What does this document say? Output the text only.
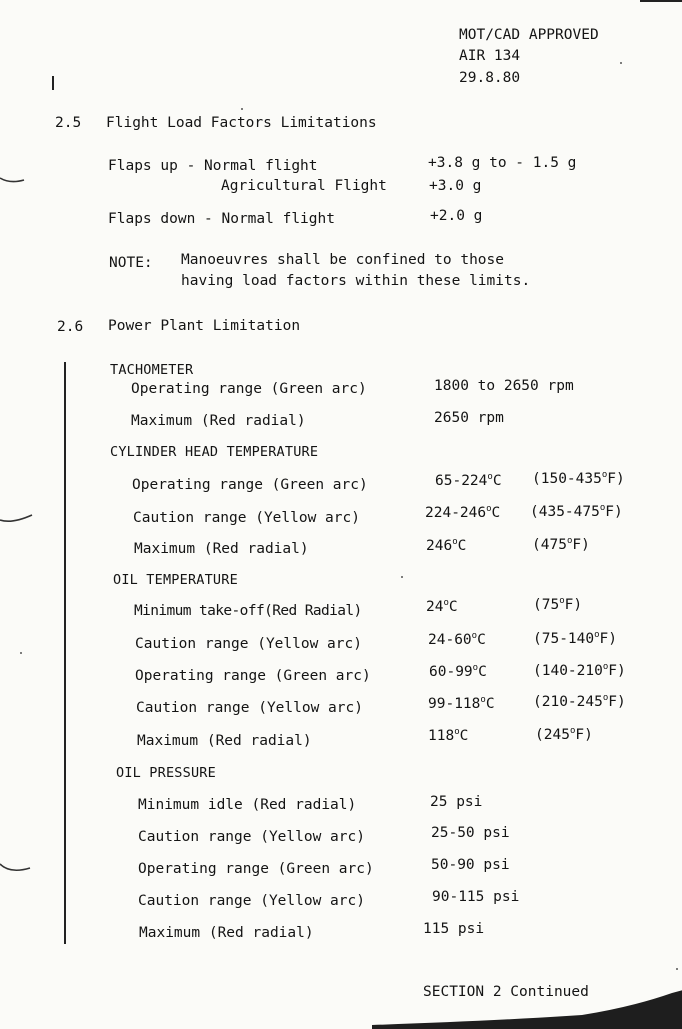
MOT/CAD APPROVED
AIR 134
29.8.80
2.5 Flight Load Factors Limitations
Flaps up - Normal flight	+3.8 g to - 1.5 g
Agricultural Flight	+3.0 g
Flaps down - Normal flight	+2.0 g
NOTE: Manoeuvres shall be confined to those
having load factors within these limits.
2.6 Power Plant Limitation
TACHOMETER
Operating range (Green arc)	1800 to 2650 rpm
Maximum (Red radial)	2650 rpm
CYLINDER HEAD TEMPERATURE
Operating range (Green arc)	65-224$^o$C (150-435$^o$F)
Caution range (Yellow arc)	224-246$^o$C (435-475$^o$F)
Maximum (Red radial)	246$^o$C	(475$^o$F)
OIL TEMPERATURE
Minimum take-off(Red Radial)	24$^o$C	(75$^o$F)
Caution range (Yellow arc)	24-60$^o$C	(75-140$^o$F)
Operating range (Green arc)	60-99$^o$C	(140-210$^o$F)
Caution range (Yellow arc)	99-118$^o$C	(210-245$^o$F)
Maximum (Red radial)	118$^o$C	(245$^o$F)
OIL PRESSURE
Minimum idle (Red radial)	25 psi
Caution range (Yellow arc)	25-50 psi
Operating range (Green arc)	50-90 psi
Caution range (Yellow arc)	90-115 psi
Maximum (Red radial)	115 psi
SECTION 2 Continued
